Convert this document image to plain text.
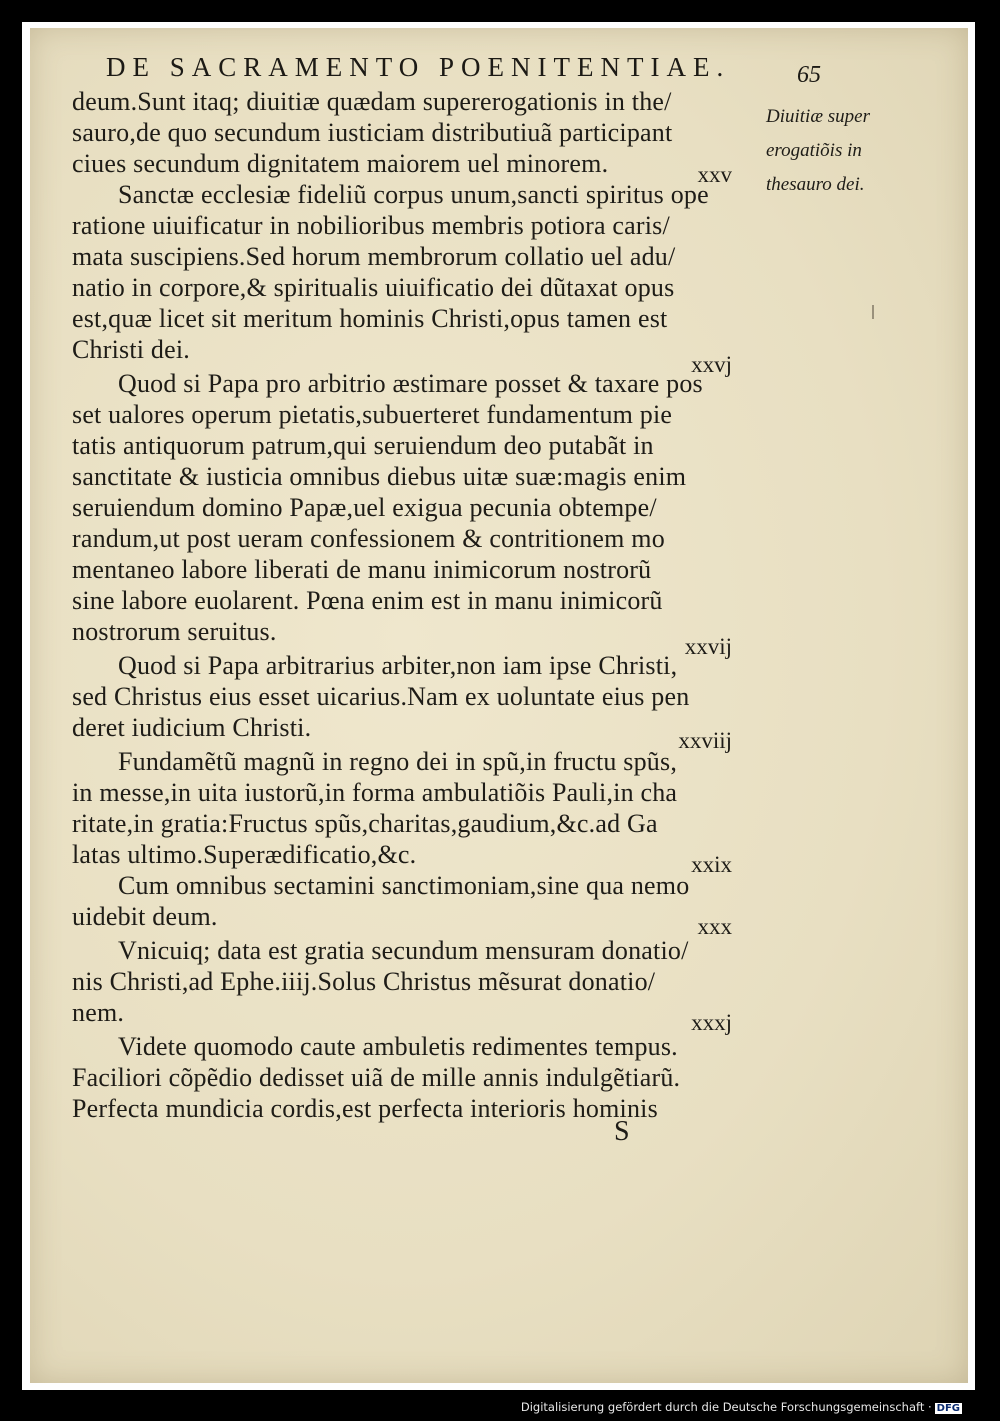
DE SACRAMENTO POENITENTIAE.	65
deum.Sunt itaq; diuitiæ quædam supererogationis in the/
sauro,de quo secundum iusticiam distributiuã participant
ciues secundum dignitatem maiorem uel minorem.
Sanctæ ecclesiæ fideliũ corpus unum,sancti spiritus ope
ratione uiuificatur in nobilioribus membris potiora caris/
mata suscipiens.Sed horum membrorum collatio uel adu/
natio in corpore,& spiritualis uiuificatio dei dũtaxat opus
est,quæ licet sit meritum hominis Christi,opus tamen est
Christi dei.
Quod si Papa pro arbitrio æstimare posset & taxare pos
set ualores operum pietatis,subuerteret fundamentum pie
tatis antiquorum patrum,qui seruiendum deo putabãt in
sanctitate & iusticia omnibus diebus uitæ suæ:magis enim
seruiendum domino Papæ,uel exigua pecunia obtempe/
randum,ut post ueram confessionem & contritionem mo
mentaneo labore liberati de manu inimicorum nostrorũ
sine labore euolarent. Pœna enim est in manu inimicorũ
nostrorum seruitus.
Quod si Papa arbitrarius arbiter,non iam ipse Christi,
sed Christus eius esset uicarius.Nam ex uoluntate eius pen
deret iudicium Christi.
Fundamẽtũ magnũ in regno dei in spũ,in fructu spũs,
in messe,in uita iustorũ,in forma ambulatiõis Pauli,in cha
ritate,in gratia:Fructus spũs,charitas,gaudium,&c.ad Ga
latas ultimo.Superædificatio,&c.
Cum omnibus sectamini sanctimoniam,sine qua nemo
uidebit deum.
Vnicuiq; data est gratia secundum mensuram donatio/
nis Christi,ad Ephe.iiij.Solus Christus mẽsurat donatio/
nem.
Videte quomodo caute ambuletis redimentes tempus.
Faciliori cõpẽdio dedisset uiã de mille annis indulgẽtiarũ.
Perfecta mundicia cordis,est perfecta interioris hominis
xxv
xxvj
xxvij
xxviij
xxix
xxx
xxxj
Diuitiæ super
erogatiõis in
thesauro dei.
S
Digitalisierung gefördert durch die Deutsche Forschungsgemeinschaft · DFG
